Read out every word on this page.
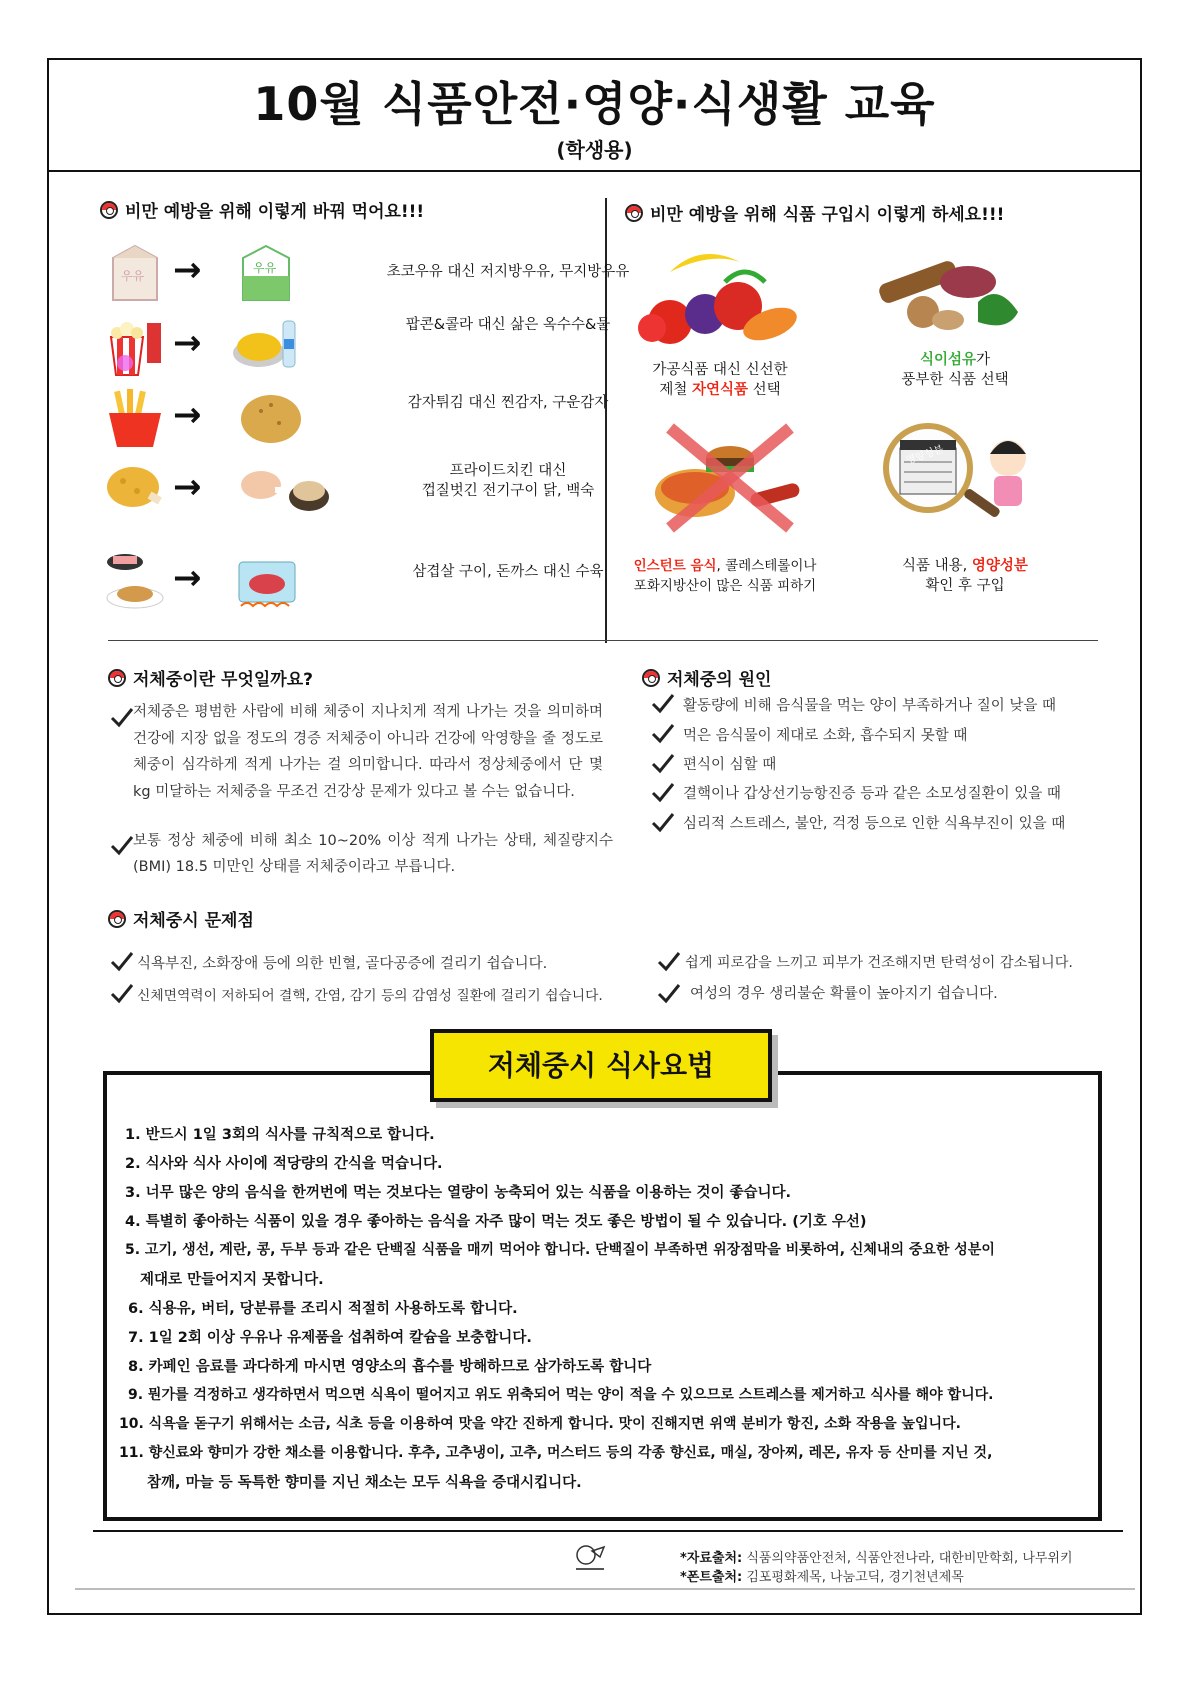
10월 식품안전·영양·식생활 교육
(학생용)
비만 예방을 위해 이렇게 바꿔 먹어요!!!	비만 예방을 위해 식품 구입시 이렇게 하세요!!!
우유 →	우유	초코우유 대신 저지방우유, 무지방우유
→	팝콘&콜라 대신 삶은 옥수수&물
→	감자튀김 대신 찐감자, 구운감자
→	프라이드치킨 대신
껍질벗긴 전기구이 닭, 백숙
→	삼겹살 구이, 돈까스 대신 수육
가공식품 대신 신선한
제철 자연식품 선택
식이섬유가
풍부한 식품 선택
영양성분
인스턴트 음식, 콜레스테롤이나
포화지방산이 많은 식품 피하기
식품 내용, 영양성분
확인 후 구입
저체중이란 무엇일까요?
저체중은 평범한 사람에 비해 체중이 지나치게 적게 나가는 것을 의미하며 건강에 지장 없을 정도의 경증 저체중이 아니라 건강에 악영향을 줄 정도로 체중이 심각하게 적게 나가는 걸 의미합니다. 따라서 정상체중에서 단 몇 kg 미달하는 저체중을 무조건 건강상 문제가 있다고 볼 수는 없습니다.
보통 정상 체중에 비해 최소 10~20% 이상 적게 나가는 상태, 체질량지수(BMI) 18.5 미만인 상태를 저체중이라고 부릅니다.
저체중의 원인
활동량에 비해 음식물을 먹는 양이 부족하거나 질이 낮을 때
먹은 음식물이 제대로 소화, 흡수되지 못할 때
편식이 심할 때
결핵이나 갑상선기능항진증 등과 같은 소모성질환이 있을 때
심리적 스트레스, 불안, 걱정 등으로 인한 식욕부진이 있을 때
저체중시 문제점
식욕부진, 소화장애 등에 의한 빈혈, 골다공증에 걸리기 쉽습니다.
신체면역력이 저하되어 결핵, 간염, 감기 등의 감염성 질환에 걸리기 쉽습니다.
쉽게 피로감을 느끼고 피부가 건조해지면 탄력성이 감소됩니다.
여성의 경우 생리불순 확률이 높아지기 쉽습니다.
저체중시 식사요법
1. 반드시 1일 3회의 식사를 규칙적으로 합니다.
2. 식사와 식사 사이에 적당량의 간식을 먹습니다.
3. 너무 많은 양의 음식을 한꺼번에 먹는 것보다는 열량이 농축되어 있는 식품을 이용하는 것이 좋습니다.
4. 특별히 좋아하는 식품이 있을 경우 좋아하는 음식을 자주 많이 먹는 것도 좋은 방법이 될 수 있습니다. (기호 우선)
5. 고기, 생선, 계란, 콩, 두부 등과 같은 단백질 식품을 매끼 먹어야 합니다. 단백질이 부족하면 위장점막을 비롯하여, 신체내의 중요한 성분이
제대로 만들어지지 못합니다.
6. 식용유, 버터, 당분류를 조리시 적절히 사용하도록 합니다.
7. 1일 2회 이상 우유나 유제품을 섭취하여 칼슘을 보충합니다.
8. 카페인 음료를 과다하게 마시면 영양소의 흡수를 방해하므로 삼가하도록 합니다
9. 뭔가를 걱정하고 생각하면서 먹으면 식욕이 떨어지고 위도 위축되어 먹는 양이 적을 수 있으므로 스트레스를 제거하고 식사를 해야 합니다.
10. 식욕을 돋구기 위해서는 소금, 식초 등을 이용하여 맛을 약간 진하게 합니다. 맛이 진해지면 위액 분비가 항진, 소화 작용을 높입니다.
11. 향신료와 향미가 강한 채소를 이용합니다. 후추, 고추냉이, 고추, 머스터드 등의 각종 향신료, 매실, 장아찌, 레몬, 유자 등 산미를 지닌 것,
참깨, 마늘 등 독특한 향미를 지닌 채소는 모두 식욕을 증대시킵니다.
*자료출처: 식품의약품안전처, 식품안전나라, 대한비만학회, 나무위키
*폰트출처: 김포평화제목, 나눔고딕, 경기천년제목
